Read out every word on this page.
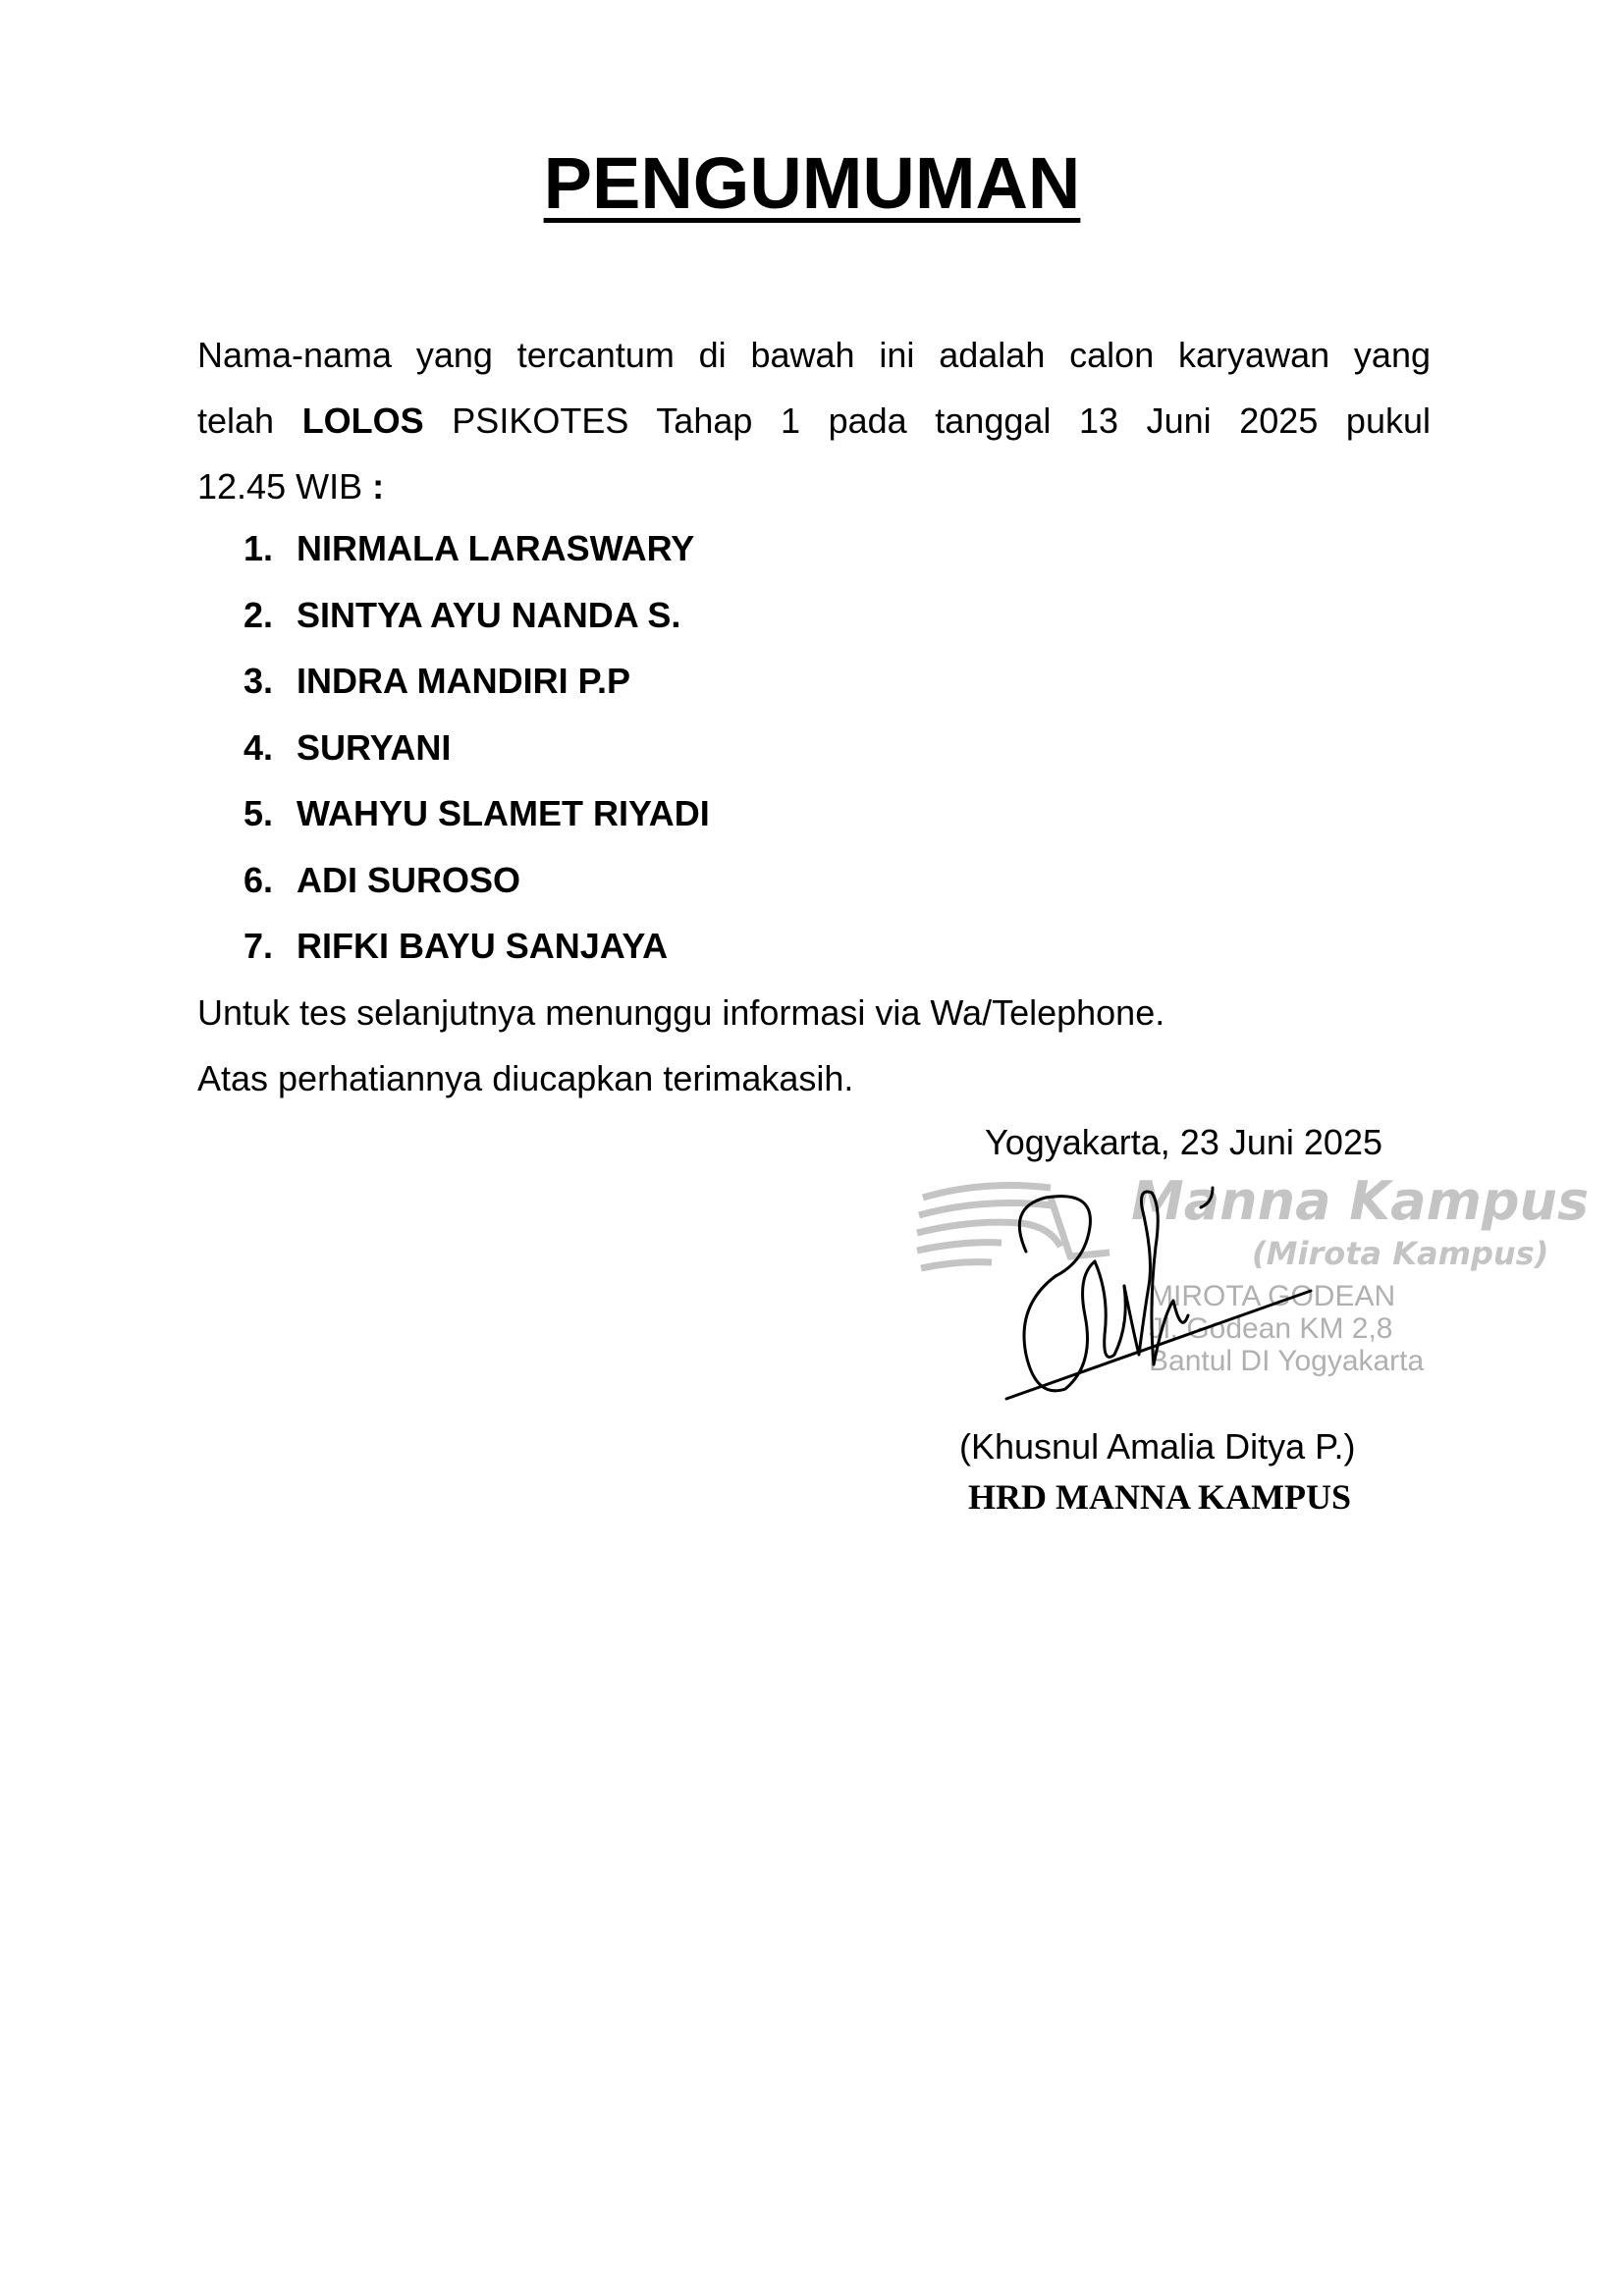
PENGUMUMAN
Nama-nama yang tercantum di bawah ini adalah calon karyawan yang
telah LOLOS PSIKOTES Tahap 1 pada tanggal 13 Juni 2025 pukul
12.45 WIB :
1. NIRMALA LARASWARY
2. SINTYA AYU NANDA S.
3. INDRA MANDIRI P.P
4. SURYANI
5. WAHYU SLAMET RIYADI
6. ADI SUROSO
7. RIFKI BAYU SANJAYA
Untuk tes selanjutnya menunggu informasi via Wa/Telephone.
Atas perhatiannya diucapkan terimakasih.
Yogyakarta, 23 Juni 2025
Manna Kampus
(Mirota Kampus)
MIROTA GODEAN
Jl. Godean KM 2,8
Bantul DI Yogyakarta
(Khusnul Amalia Ditya P.)
HRD MANNA KAMPUS
